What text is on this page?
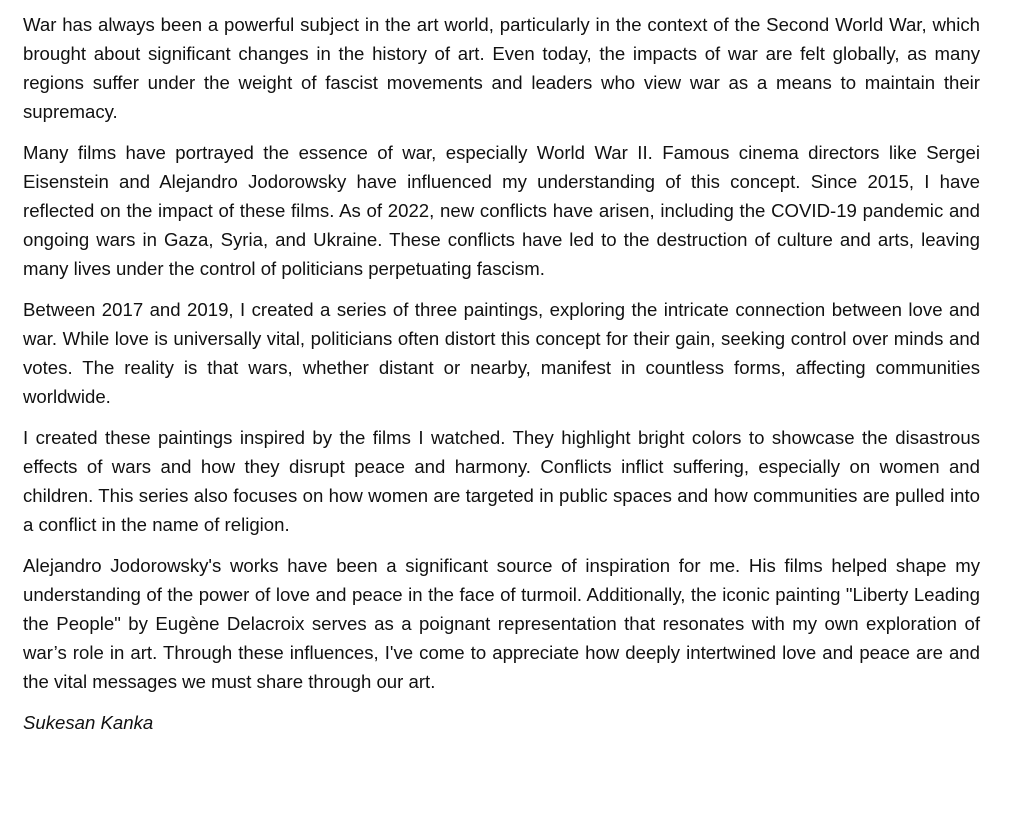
War has always been a powerful subject in the art world, particularly in the context of the Second World War, which brought about significant changes in the history of art. Even today, the impacts of war are felt globally, as many regions suffer under the weight of fascist movements and leaders who view war as a means to maintain their supremacy.

Many films have portrayed the essence of war, especially World War II. Famous cinema directors like Sergei Eisenstein and Alejandro Jodorowsky have influenced my understanding of this concept. Since 2015, I have reflected on the impact of these films. As of 2022, new conflicts have arisen, including the COVID-19 pandemic and ongoing wars in Gaza, Syria, and Ukraine. These conflicts have led to the destruction of culture and arts, leaving many lives under the control of politicians perpetuating fascism.

Between 2017 and 2019, I created a series of three paintings, exploring the intricate connection between love and war. While love is universally vital, politicians often distort this concept for their gain, seeking control over minds and votes. The reality is that wars, whether distant or nearby, manifest in countless forms, affecting communities worldwide.

I created these paintings inspired by the films I watched. They highlight bright colors to showcase the disastrous effects of wars and how they disrupt peace and harmony. Conflicts inflict suffering, especially on women and children. This series also focuses on how women are targeted in public spaces and how communities are pulled into a conflict in the name of religion.

Alejandro Jodorowsky's works have been a significant source of inspiration for me. His films helped shape my understanding of the power of love and peace in the face of turmoil. Additionally, the iconic painting "Liberty Leading the People" by Eugène Delacroix serves as a poignant representation that resonates with my own exploration of war’s role in art. Through these influences, I've come to appreciate how deeply intertwined love and peace are and the vital messages we must share through our art.

Sukesan Kanka
